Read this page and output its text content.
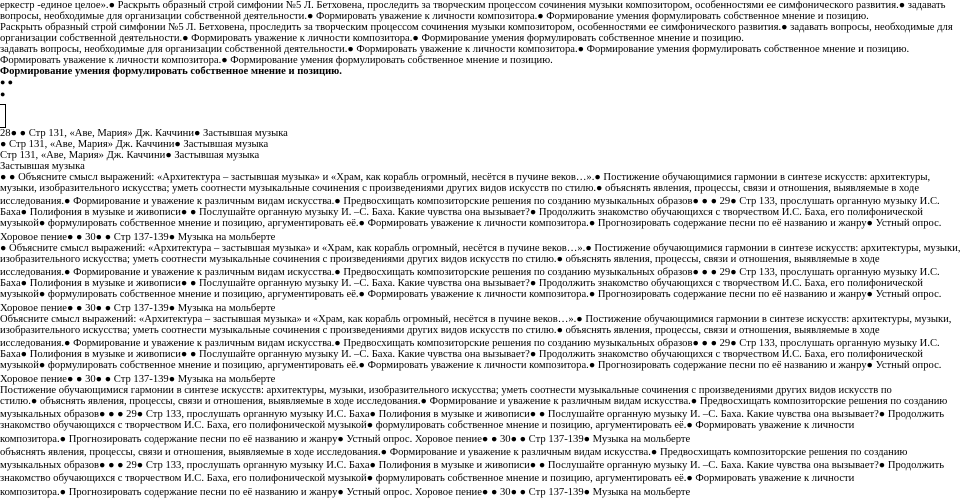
еркестр -единое целое».● Раскрыть образный строй симфонии №5 Л. Бетховена, проследить за творческим процессом сочинения музыки композитором, особенностями ее симфонического развития.● задавать
вопросы, необходимые для организации собственной деятельности.● Формировать уважение к личности композитора.● Формирование умения формулировать собственное мнение и позицию.
Раскрыть образный строй симфонии №5 Л. Бетховена, проследить за творческим процессом сочинения музыки композитором, особенностями ее симфонического развития.● задавать вопросы, необходимые для
организации собственной деятельности.● Формировать уважение к личности композитора.● Формирование умения формулировать собственное мнение и позицию.
задавать вопросы, необходимые для организации собственной деятельности.● Формировать уважение к личности композитора.● Формирование умения формулировать собственное мнение и позицию.
Формировать уважение к личности композитора.● Формирование умения формулировать собственное мнение и позицию.
Формирование умения формулировать собственное мнение и позицию.
● ●
●
28● ● Стр 131, «Аве, Мария» Дж. Каччини● Застывшая музыка
● Стр 131, «Аве, Мария» Дж. Каччини● Застывшая музыка
Стр 131, «Аве, Мария» Дж. Каччини● Застывшая музыка
Застывшая музыка
● ● Объясните смысл выражений: «Архитектура – застывшая музыка» и «Храм, как корабль огромный, несётся в пучине веков…».● Постижение обучающимися гармонии в синтезе искусств: архитектуры,
музыки, изобразительного искусства; уметь соотнести музыкальные сочинения с произведениями других видов искусств по стилю.● объяснять явления, процессы, связи и отношения, выявляемые в ходе
исследования.● Формирование и уважение к различным видам искусства.● Предвосхищать композиторские решения по созданию музыкальных образов● ● ● 29● Стр 133, прослушать органную музыку И.С.
Баха● Полифония в музыке и живописи● ● Послушайте органную музыку И. –С. Баха. Какие чувства она вызывает?● Продолжить знакомство обучающихся с творчеством И.С. Баха, его полифонической
музыкой● формулировать собственное мнение и позицию, аргументировать её.● Формировать уважение к личности композитора.● Прогнозировать содержание песни по её названию и жанру● Устный опрос.
Хоровое пение● ● 30● ● Стр 137-139● Музыка на мольберте
● Объясните смысл выражений: «Архитектура – застывшая музыка» и «Храм, как корабль огромный, несётся в пучине веков…».● Постижение обучающимися гармонии в синтезе искусств: архитектуры, музыки,
изобразительного искусства; уметь соотнести музыкальные сочинения с произведениями других видов искусств по стилю.● объяснять явления, процессы, связи и отношения, выявляемые в ходе
исследования.● Формирование и уважение к различным видам искусства.● Предвосхищать композиторские решения по созданию музыкальных образов● ● ● 29● Стр 133, прослушать органную музыку И.С.
Баха● Полифония в музыке и живописи● ● Послушайте органную музыку И. –С. Баха. Какие чувства она вызывает?● Продолжить знакомство обучающихся с творчеством И.С. Баха, его полифонической
музыкой● формулировать собственное мнение и позицию, аргументировать её.● Формировать уважение к личности композитора.● Прогнозировать содержание песни по её названию и жанру● Устный опрос.
Хоровое пение● ● 30● ● Стр 137-139● Музыка на мольберте
Объясните смысл выражений: «Архитектура – застывшая музыка» и «Храм, как корабль огромный, несётся в пучине веков…».● Постижение обучающимися гармонии в синтезе искусств: архитектуры, музыки,
изобразительного искусства; уметь соотнести музыкальные сочинения с произведениями других видов искусств по стилю.● объяснять явления, процессы, связи и отношения, выявляемые в ходе
исследования.● Формирование и уважение к различным видам искусства.● Предвосхищать композиторские решения по созданию музыкальных образов● ● ● 29● Стр 133, прослушать органную музыку И.С.
Баха● Полифония в музыке и живописи● ● Послушайте органную музыку И. –С. Баха. Какие чувства она вызывает?● Продолжить знакомство обучающихся с творчеством И.С. Баха, его полифонической
музыкой● формулировать собственное мнение и позицию, аргументировать её.● Формировать уважение к личности композитора.● Прогнозировать содержание песни по её названию и жанру● Устный опрос.
Хоровое пение● ● 30● ● Стр 137-139● Музыка на мольберте
Постижение обучающимися гармонии в синтезе искусств: архитектуры, музыки, изобразительного искусства; уметь соотнести музыкальные сочинения с произведениями других видов искусств по
стилю.● объяснять явления, процессы, связи и отношения, выявляемые в ходе исследования.● Формирование и уважение к различным видам искусства.● Предвосхищать композиторские решения по созданию
музыкальных образов● ● ● 29● Стр 133, прослушать органную музыку И.С. Баха● Полифония в музыке и живописи● ● Послушайте органную музыку И. –С. Баха. Какие чувства она вызывает?● Продолжить
знакомство обучающихся с творчеством И.С. Баха, его полифонической музыкой● формулировать собственное мнение и позицию, аргументировать её.● Формировать уважение к личности
композитора.● Прогнозировать содержание песни по её названию и жанру● Устный опрос. Хоровое пение● ● 30● ● Стр 137-139● Музыка на мольберте
объяснять явления, процессы, связи и отношения, выявляемые в ходе исследования.● Формирование и уважение к различным видам искусства.● Предвосхищать композиторские решения по созданию
музыкальных образов● ● ● 29● Стр 133, прослушать органную музыку И.С. Баха● Полифония в музыке и живописи● ● Послушайте органную музыку И. –С. Баха. Какие чувства она вызывает?● Продолжить
знакомство обучающихся с творчеством И.С. Баха, его полифонической музыкой● формулировать собственное мнение и позицию, аргументировать её.● Формировать уважение к личности
композитора.● Прогнозировать содержание песни по её названию и жанру● Устный опрос. Хоровое пение● ● 30● ● Стр 137-139● Музыка на мольберте
